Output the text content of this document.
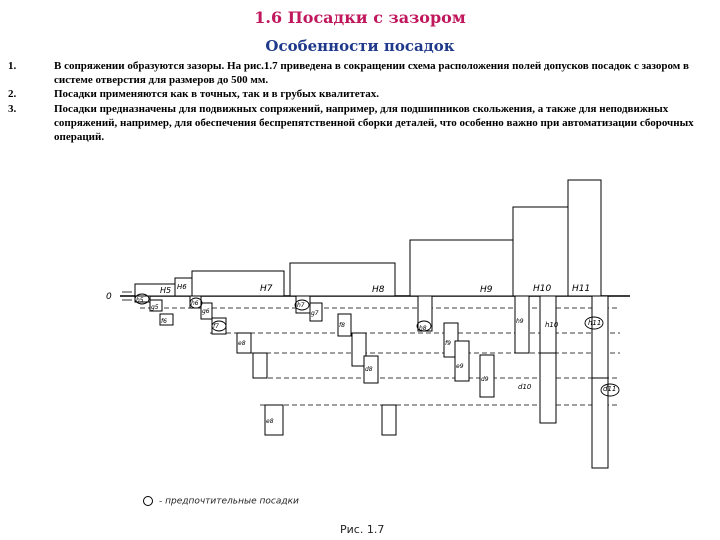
1.6 Посадки с зазором
Особенности посадок
1.	В сопряжении образуются зазоры. На рис.1.7 приведена в сокращении схема расположения полей допусков посадок с зазором в системе отверстия для размеров до 500 мм.
2.	Посадки применяются как в точных, так и в грубых квалитетах.
3.	Посадки предназначены для подвижных сопряжений, например, для подшипников скольжения, а также для неподвижных сопряжений, например, для обеспечения беспрепятственной сборки деталей, что особенно важно при автоматизации сборочных операций.
0
H5 H6	H7	H8	H9	H10 H11
h5
g5
f6
h6
g6
f7
e8
h7
g7
f8
e8
d8
h8
f9
e9
d9
h9
d10
h10
d11
h11
- предпочтительные посадки
Рис. 1.7
